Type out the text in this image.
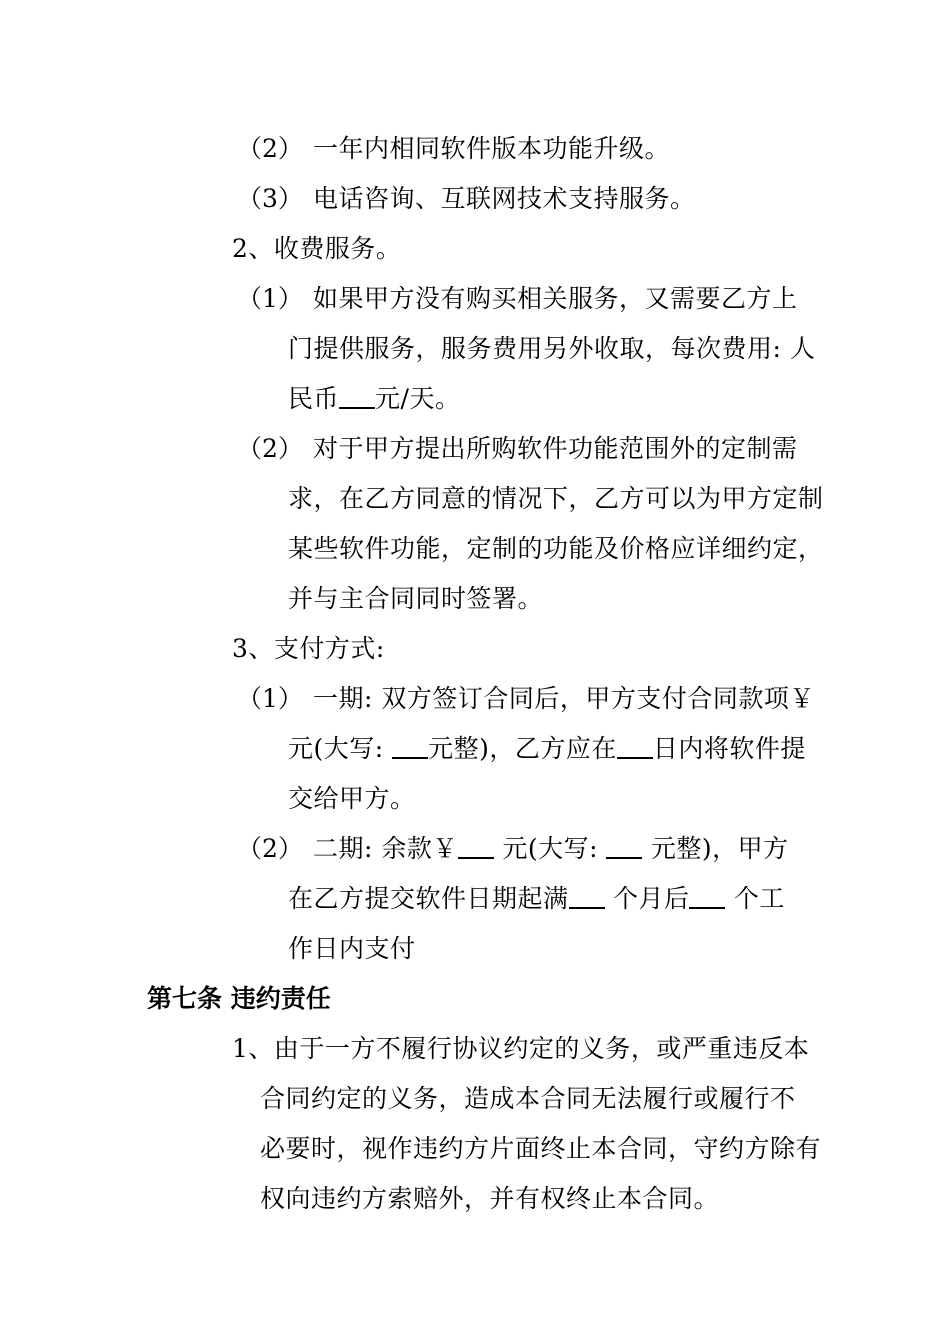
（2） 一年内相同软件版本功能升级。
（3） 电话咨询、互联网技术支持服务。
2、收费服务。
（1） 如果甲方没有购买相关服务，又需要乙方上
门提供服务，服务费用另外收取，每次费用: 人
民币 元/天。
（2） 对于甲方提出所购软件功能范围外的定制需
求，在乙方同意的情况下，乙方可以为甲方定制
某些软件功能，定制的功能及价格应详细约定，
并与主合同同时签署。
3、支付方式:
（1） 一期: 双方签订合同后，甲方支付合同款项￥
元(大写: 元整)，乙方应在 日内将软件提
交给甲方。
（2） 二期: 余款￥ 元(大写:  元整)，甲方
在乙方提交软件日期起满 个月后 个工
作日内支付
第七条 违约责任
1、由于一方不履行协议约定的义务，或严重违反本
合同约定的义务，造成本合同无法履行或履行不
必要时，视作违约方片面终止本合同，守约方除有
权向违约方索赔外，并有权终止本合同。
